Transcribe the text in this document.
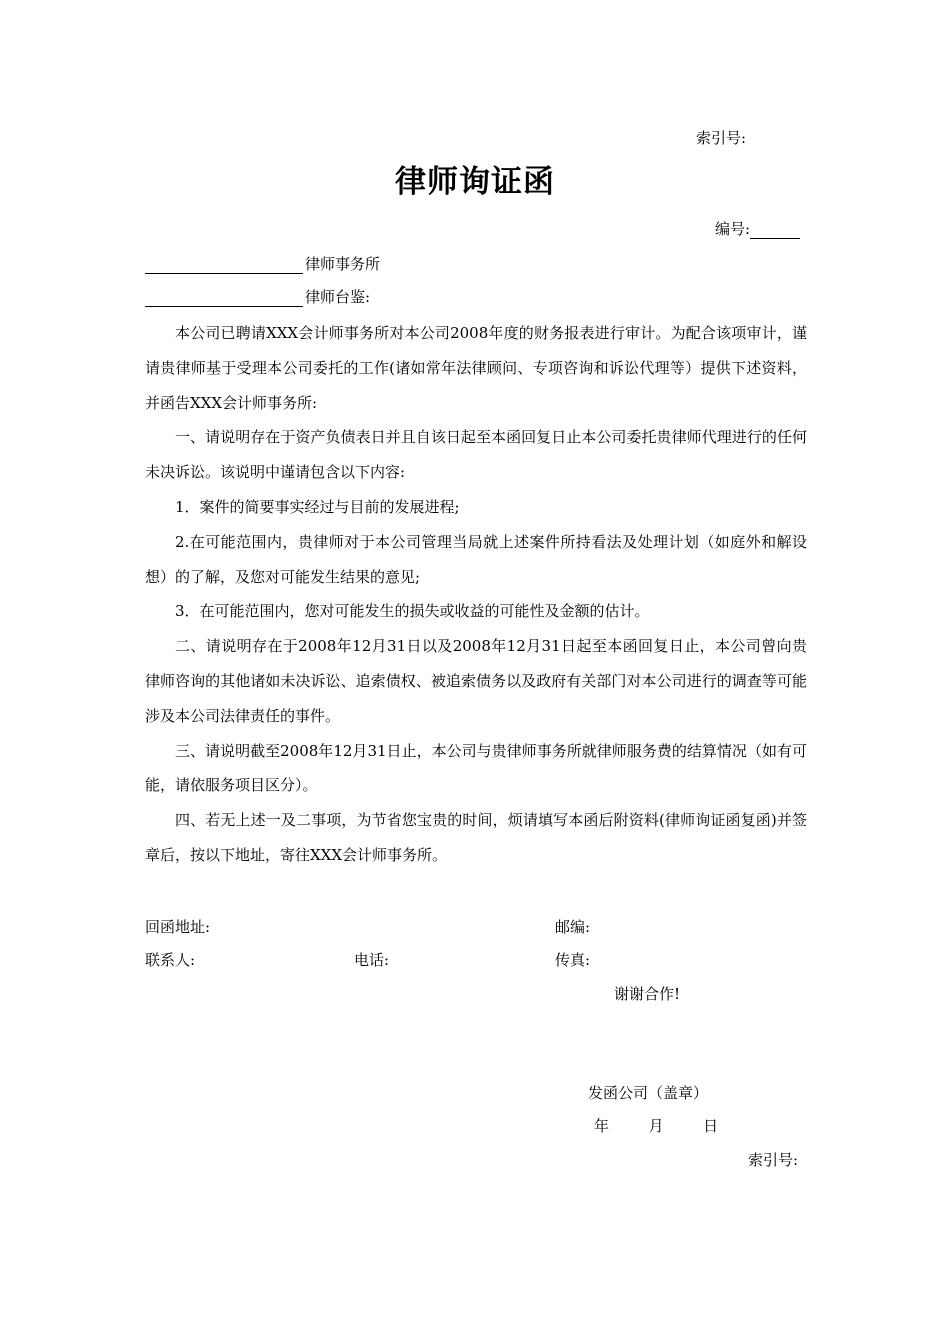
索引号:
律师询证函
编号:
律师事务所
律师台鉴:

本公司已聘请XXX会计师事务所对本公司2008年度的财务报表进行审计。为配合该项审计，谨请贵律师基于受理本公司委托的工作(诸如常年法律顾问、专项咨询和诉讼代理等）提供下述资料，并函告XXX会计师事务所:

一、请说明存在于资产负债表日并且自该日起至本函回复日止本公司委托贵律师代理进行的任何未决诉讼。该说明中谨请包含以下内容:

1．案件的简要事实经过与目前的发展进程;

2.在可能范围内，贵律师对于本公司管理当局就上述案件所持看法及处理计划（如庭外和解设想）的了解，及您对可能发生结果的意见;

3．在可能范围内，您对可能发生的损失或收益的可能性及金额的估计。

二、请说明存在于2008年12月31日以及2008年12月31日起至本函回复日止，本公司曾向贵律师咨询的其他诸如未决诉讼、追索债权、被追索债务以及政府有关部门对本公司进行的调查等可能涉及本公司法律责任的事件。

三、请说明截至2008年12月31日止，本公司与贵律师事务所就律师服务费的结算情况（如有可能，请依服务项目区分）。

四、若无上述一及二事项，为节省您宝贵的时间，烦请填写本函后附资料(律师询证函复函)并签章后，按以下地址，寄往XXX会计师事务所。

回函地址:	邮编:
联系人:	电话:	传真:
谢谢合作!
发函公司（盖章）
年	月	日
索引号:
